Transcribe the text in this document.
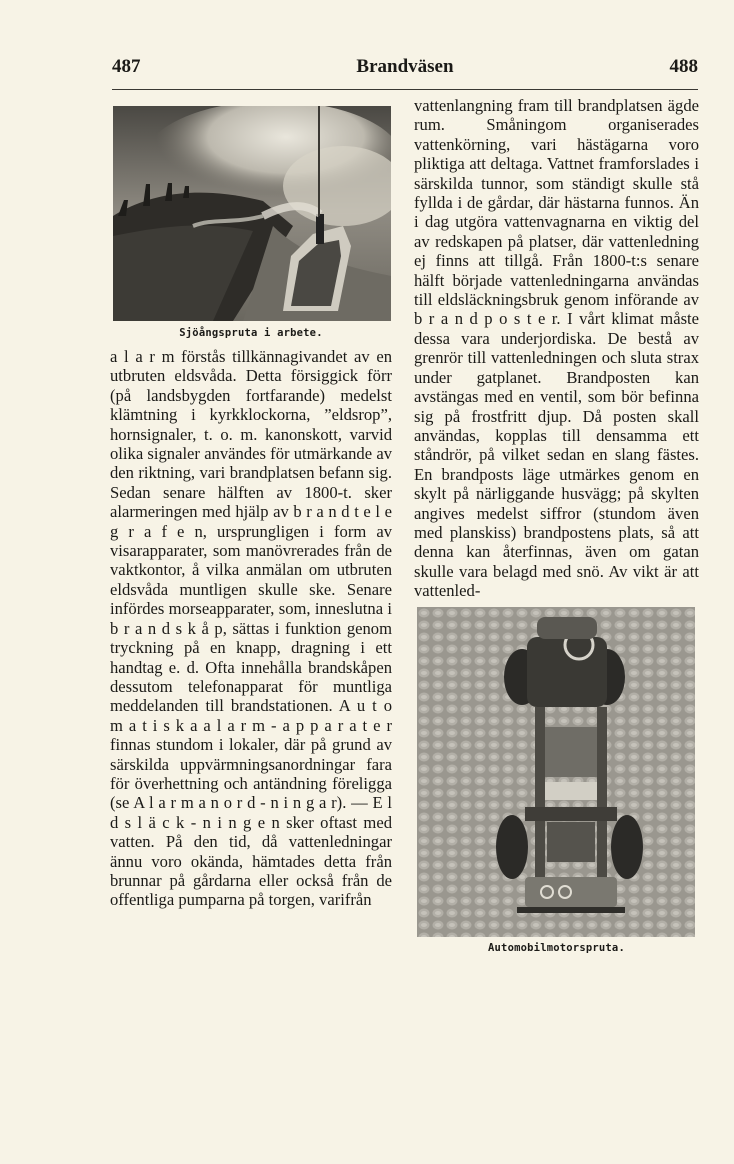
487	Brandväsen	488
Sjöångspruta i arbete.

a l a r m förstås tillkännagivandet av en utbruten eldsvåda. Detta försiggick förr (på landsbygden fortfarande) medelst klämtning i kyrkklockorna, ”eldsrop”, hornsignaler, t. o. m. kanonskott, varvid olika signaler användes för utmärkande av den riktning, vari brandplatsen befann sig. Sedan senare hälften av 1800-t. sker alarmeringen med hjälp av b r a n d t e l e g r a f e n, ursprungligen i form av visarapparater, som manövrerades från de vaktkontor, å vilka anmälan om utbruten eldsvåda muntligen skulle ske. Senare infördes morseapparater, som, inneslutna i b r a n d s k å p, sättas i funktion genom tryckning på en knapp, dragning i ett handtag e. d. Ofta innehålla brandskåpen dessutom telefonapparat för muntliga meddelanden till brandstationen. A u t o m a t i s k a a l a r m - a p p a r a t e r finnas stundom i lokaler, där på grund av särskilda uppvärmningsanordningar fara för överhettning och antändning föreligga (se A l a r m a n o r d - n i n g a r). — E l d s l ä c k - n i n g e n sker oftast med vatten. På den tid, då vattenledningar ännu voro okända, hämtades detta från brunnar på gårdarna eller också från de offentliga pumparna på torgen, varifrån

vattenlangning fram till brandplatsen ägde rum. Småningom organiserades vattenkörning, vari hästägarna voro pliktiga att deltaga. Vattnet framforslades i särskilda tunnor, som ständigt skulle stå fyllda i de gårdar, där hästarna funnos. Än i dag utgöra vattenvagnarna en viktig del av redskapen på platser, där vattenledning ej finns att tillgå. Från 1800-t:s senare hälft började vattenledningarna användas till eldsläckningsbruk genom införande av b r a n d p o s t e r. I vårt klimat måste dessa vara underjordiska. De bestå av grenrör till vattenledningen och sluta strax under gatplanet. Brandposten kan avstängas med en ventil, som bör befinna sig på frostfritt djup. Då posten skall användas, kopplas till densamma ett ståndrör, på vilket sedan en slang fästes. En brandposts läge utmärkes genom en skylt på närliggande husvägg; på skylten angives medelst siffror (stundom även med planskiss) brandpostens plats, så att denna kan återfinnas, även om gatan skulle vara belagd med snö. Av vikt är att vattenled-

Automobilmotorspruta.
